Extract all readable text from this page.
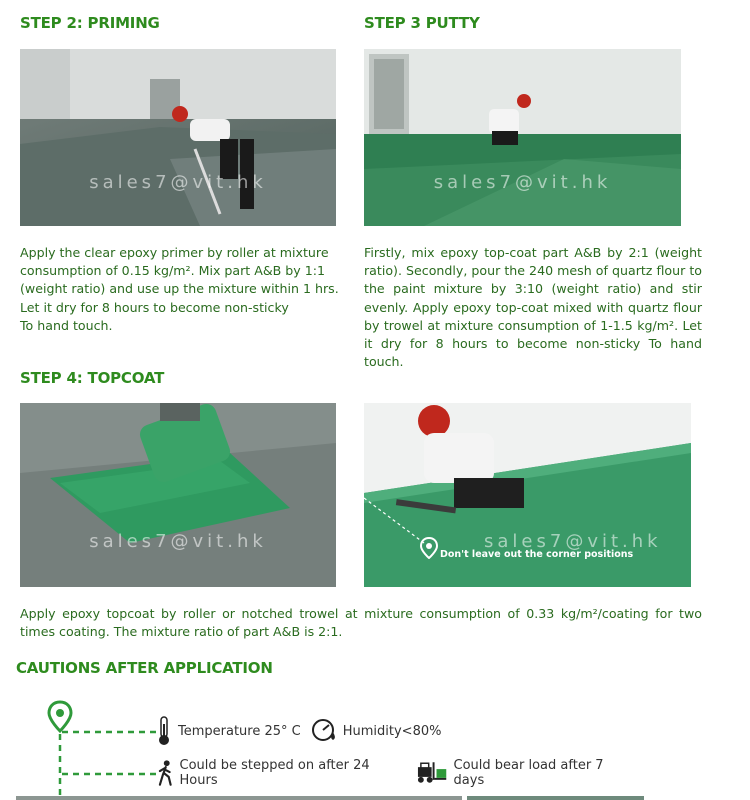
STEP 2: PRIMING
sales7@vit.hk

Apply the clear epoxy primer by roller at mixture

consumption of 0.15 kg/m². Mix part A&B by 1:1

(weight ratio) and use up the mixture within 1 hrs.

Let it dry for 8 hours to become non-sticky

To hand touch.

STEP 3 PUTTY
sales7@vit.hk
Firstly, mix epoxy top-coat part A&B by 2:1 (weight ratio). Secondly, pour the 240 mesh of quartz flour to the paint mixture by 3:10 (weight ratio) and stir evenly. Apply epoxy top-coat mixed with quartz flour by trowel at mixture consumption of 1-1.5 kg/m². Let it dry for 8 hours to become non-sticky To hand touch.
STEP 4: TOPCOAT
sales7@vit.hk
Don't leave out the corner positions
sales7@vit.hk
Apply epoxy topcoat by roller or notched trowel at mixture consumption of 0.33 kg/m²/coating for two times coating. The mixture ratio of part A&B is 2:1.
CAUTIONS AFTER APPLICATION
Temperature 25° C	Humidity<80%
Could be stepped on after 24 Hours
Could bear load after 7 days
